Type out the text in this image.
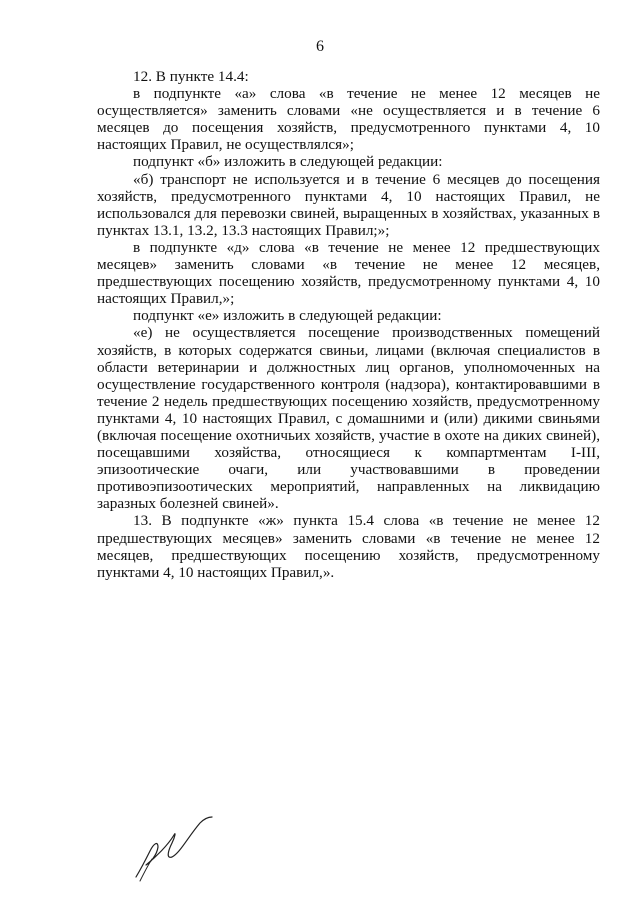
6

12. В пункте 14.4:

в подпункте «а» слова «в течение не менее 12 месяцев не осуществляется» заменить словами «не осуществляется и в течение 6 месяцев до посещения хозяйств, предусмотренного пунктами 4, 10 настоящих Правил, не осуществлялся»;

подпункт «б» изложить в следующей редакции:

«б) транспорт не используется и в течение 6 месяцев до посещения хозяйств, предусмотренного пунктами 4, 10 настоящих Правил, не использовался для перевозки свиней, выращенных в хозяйствах, указанных в пунктах 13.1, 13.2, 13.3 настоящих Правил;»;

в подпункте «д» слова «в течение не менее 12 предшествующих месяцев» заменить словами «в течение не менее 12 месяцев, предшествующих посещению хозяйств, предусмотренному пунктами 4, 10 настоящих Правил,»;

подпункт «е» изложить в следующей редакции:

«е) не осуществляется посещение производственных помещений хозяйств, в которых содержатся свиньи, лицами (включая специалистов в области ветеринарии и должностных лиц органов, уполномоченных на осуществление государственного контроля (надзора), контактировавшими в течение 2 недель предшествующих посещению хозяйств, предусмотренному пунктами 4, 10 настоящих Правил, с домашними и (или) дикими свиньями (включая посещение охотничьих хозяйств, участие в охоте на диких свиней), посещавшими хозяйства, относящиеся к компартментам I-III, эпизоотические очаги, или участвовавшими в проведении противоэпизоотических мероприятий, направленных на ликвидацию заразных болезней свиней».

13. В подпункте «ж» пункта 15.4 слова «в течение не менее 12 предшествующих месяцев» заменить словами «в течение не менее 12 месяцев, предшествующих посещению хозяйств, предусмотренному пунктами 4, 10 настоящих Правил,».
